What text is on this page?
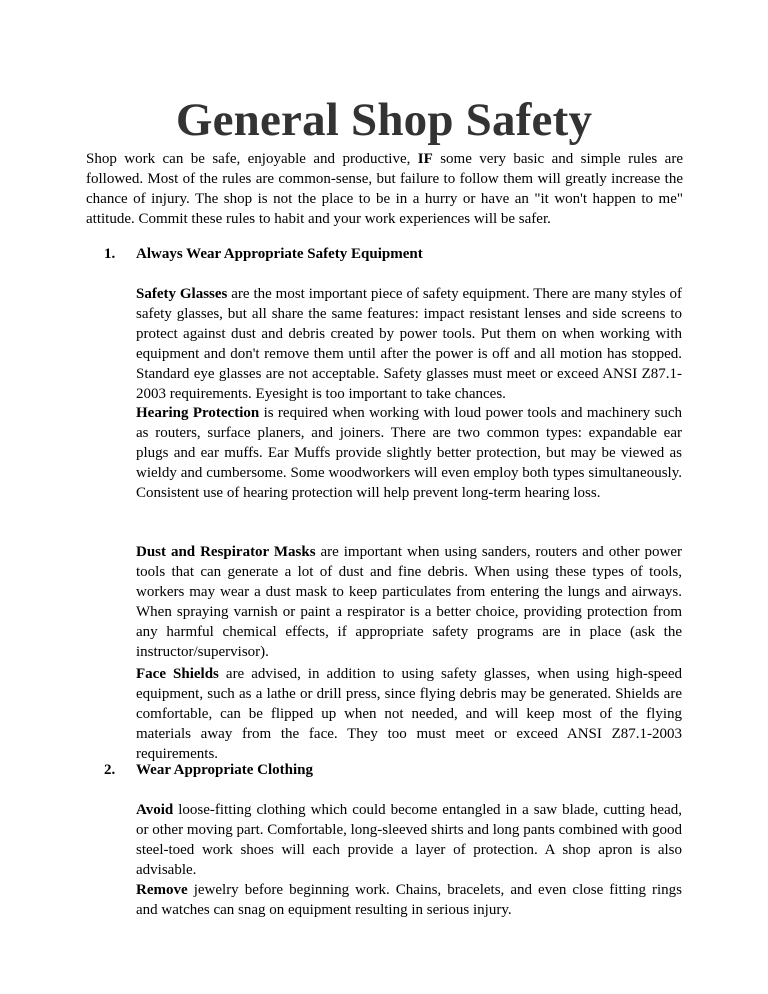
General Shop Safety

Shop work can be safe, enjoyable and productive, IF some very basic and simple rules are followed. Most of the rules are common-sense, but failure to follow them will greatly increase the chance of injury. The shop is not the place to be in a hurry or have an "it won't happen to me" attitude. Commit these rules to habit and your work experiences will be safer.

1. Always Wear Appropriate Safety Equipment

Safety Glasses are the most important piece of safety equipment. There are many styles of safety glasses, but all share the same features: impact resistant lenses and side screens to protect against dust and debris created by power tools. Put them on when working with equipment and don't remove them until after the power is off and all motion has stopped. Standard eye glasses are not acceptable. Safety glasses must meet or exceed ANSI Z87.1-2003 requirements. Eyesight is too important to take chances.

Hearing Protection is required when working with loud power tools and machinery such as routers, surface planers, and joiners. There are two common types: expandable ear plugs and ear muffs. Ear Muffs provide slightly better protection, but may be viewed as wieldy and cumbersome. Some woodworkers will even employ both types simultaneously. Consistent use of hearing protection will help prevent long-term hearing loss.

Dust and Respirator Masks are important when using sanders, routers and other power tools that can generate a lot of dust and fine debris. When using these types of tools, workers may wear a dust mask to keep particulates from entering the lungs and airways. When spraying varnish or paint a respirator is a better choice, providing protection from any harmful chemical effects, if appropriate safety programs are in place (ask the instructor/supervisor).

Face Shields are advised, in addition to using safety glasses, when using high-speed equipment, such as a lathe or drill press, since flying debris may be generated. Shields are comfortable, can be flipped up when not needed, and will keep most of the flying materials away from the face. They too must meet or exceed ANSI Z87.1-2003 requirements.

2. Wear Appropriate Clothing

Avoid loose-fitting clothing which could become entangled in a saw blade, cutting head, or other moving part. Comfortable, long-sleeved shirts and long pants combined with good steel-toed work shoes will each provide a layer of protection. A shop apron is also advisable.

Remove jewelry before beginning work. Chains, bracelets, and even close fitting rings and watches can snag on equipment resulting in serious injury.
